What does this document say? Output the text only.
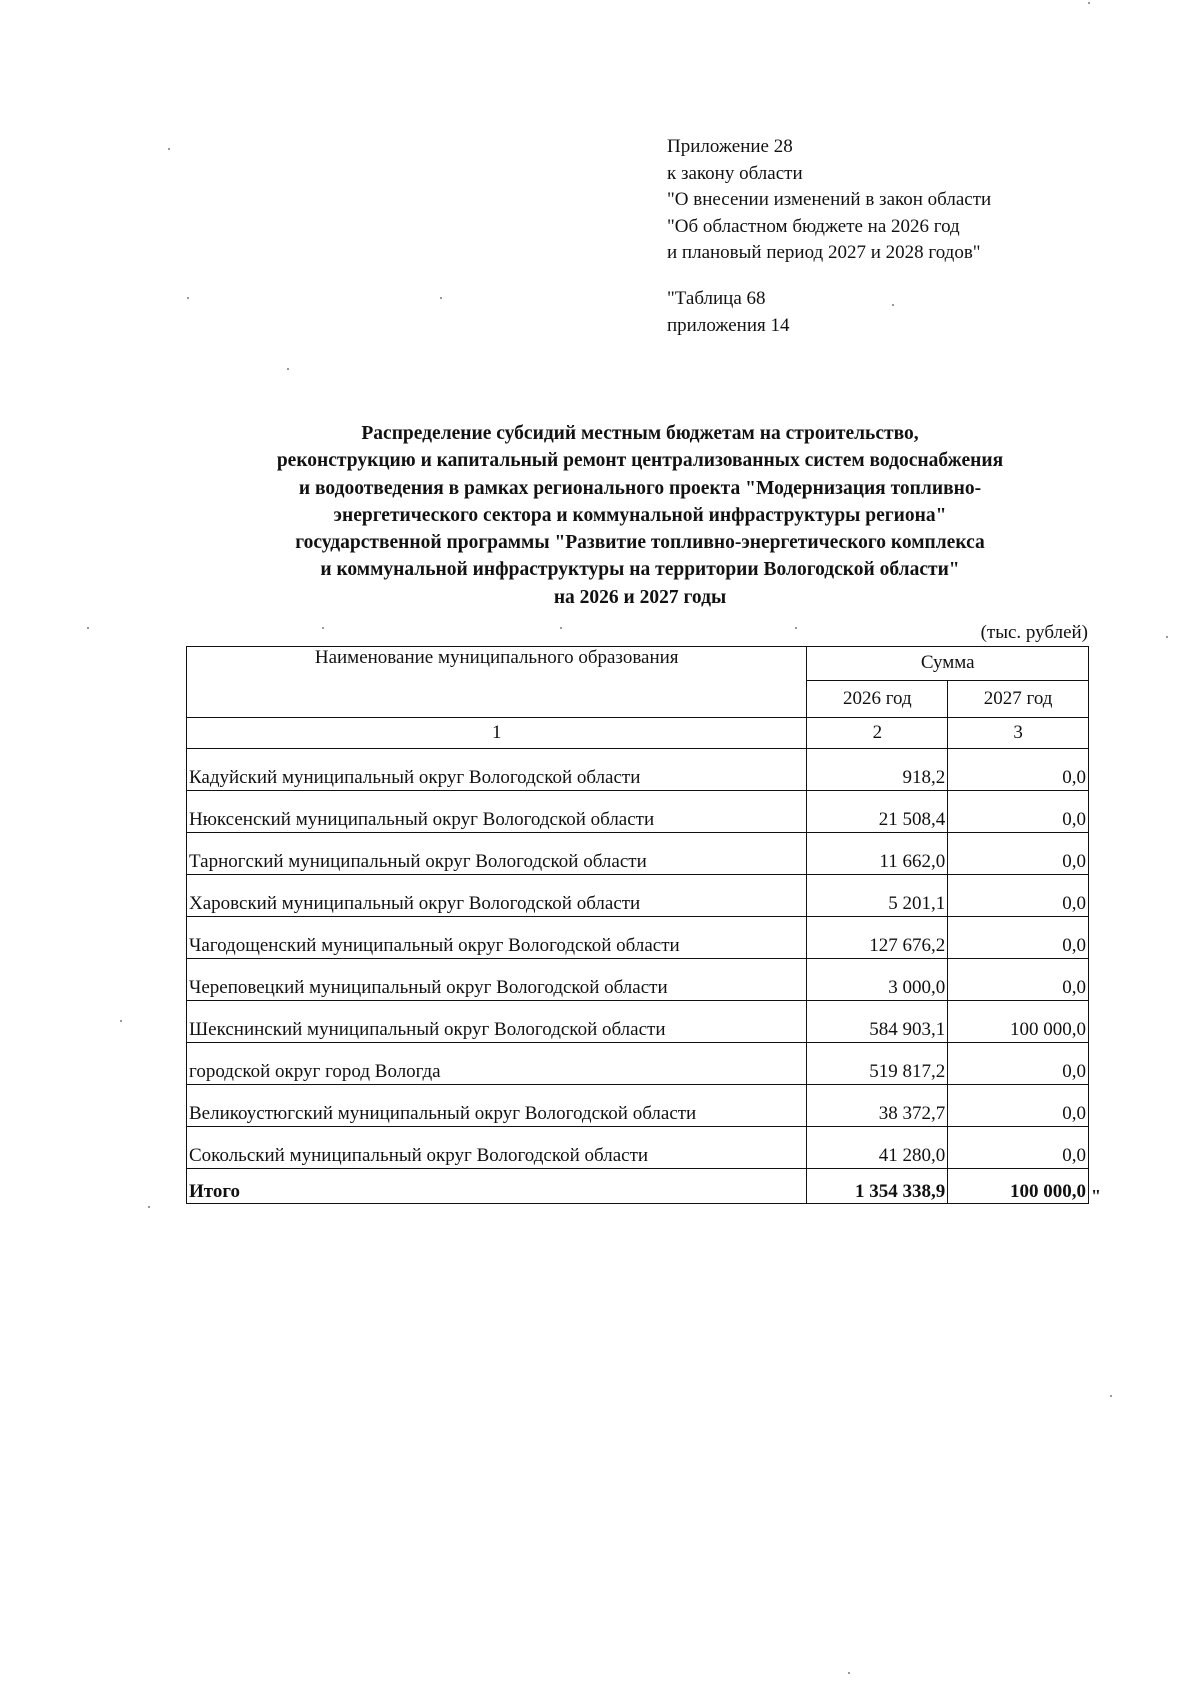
Приложение 28
к закону области
"О внесении изменений в закон области
"Об областном бюджете на 2026 год
и плановый период 2027 и 2028 годов"
"Таблица 68
приложения 14
Распределение субсидий местным бюджетам на строительство,
реконструкцию и капитальный ремонт централизованных систем водоснабжения
и водоотведения в рамках регионального проекта "Модернизация топливно-
энергетического сектора и коммунальной инфраструктуры региона"
государственной программы "Развитие топливно-энергетического комплекса
и коммунальной инфраструктуры на территории Вологодской области"
на 2026 и 2027 годы
(тыс. рублей)
Наименование муниципального образования	Сумма	
	2026 год	2027 год
1	2	3
Кадуйский муниципальный округ Вологодской области	918,2	0,0
Нюксенский муниципальный округ Вологодской области	21 508,4	0,0
Тарногский муниципальный округ Вологодской области	11 662,0	0,0
Харовский муниципальный округ Вологодской области	5 201,1	0,0
Чагодощенский муниципальный округ Вологодской области	127 676,2	0,0
Череповецкий муниципальный округ Вологодской области	3 000,0	0,0
Шекснинский муниципальный округ Вологодской области	584 903,1	100 000,0
городской округ город Вологда	519 817,2	0,0
Великоустюгский муниципальный округ Вологодской области	38 372,7	0,0
Сокольский муниципальный округ Вологодской области	41 280,0	0,0
Итого	1 354 338,9	100 000,0 "
